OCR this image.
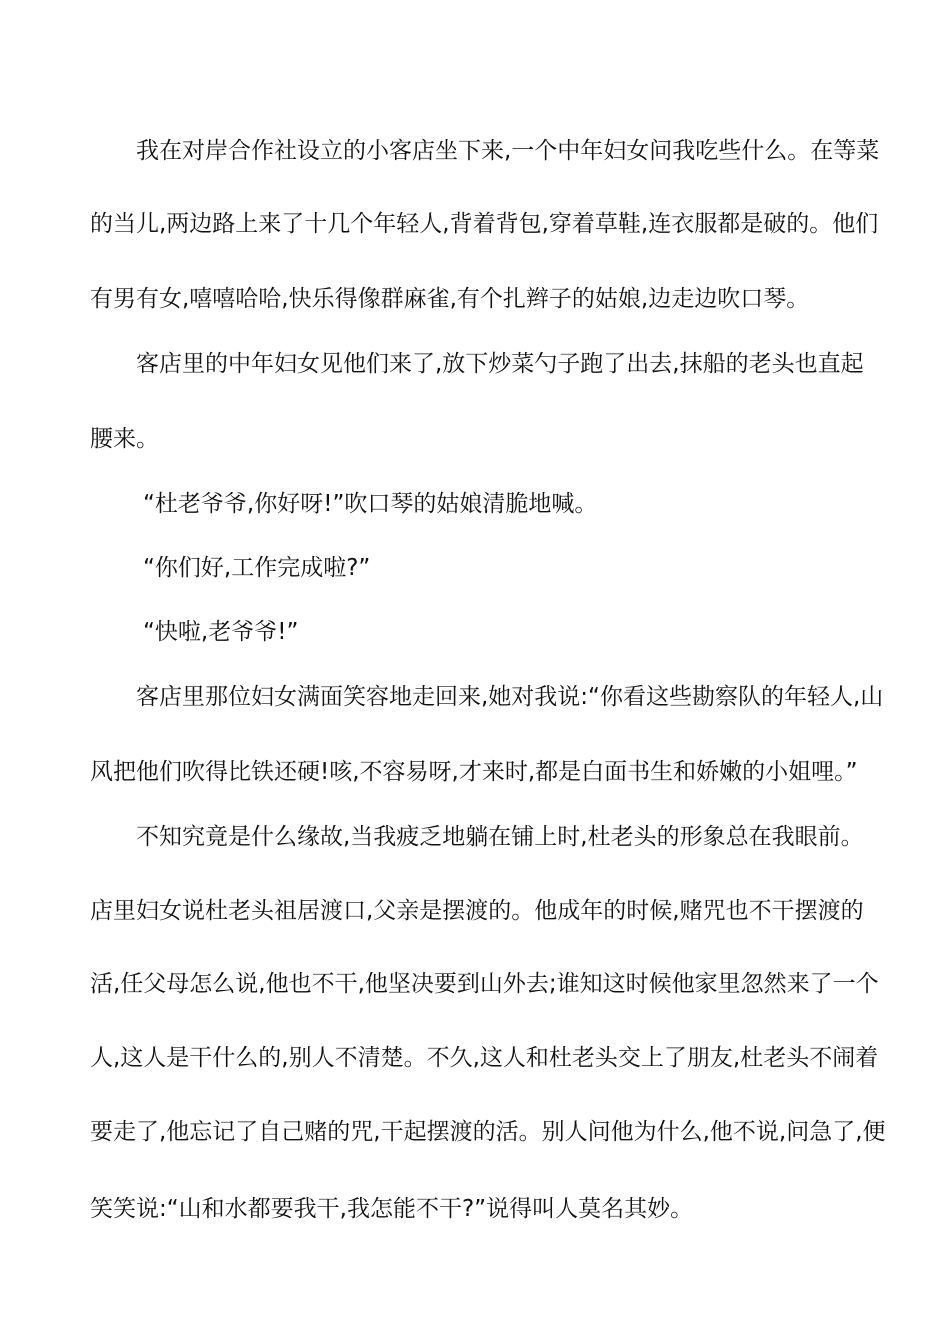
我在对岸合作社设立的小客店坐下来,一个中年妇女问我吃些什么。在等菜
的当儿,两边路上来了十几个年轻人,背着背包,穿着草鞋,连衣服都是破的。他们
有男有女,嘻嘻哈哈,快乐得像群麻雀,有个扎辫子的姑娘,边走边吹口琴。
客店里的中年妇女见他们来了,放下炒菜勺子跑了出去,抹船的老头也直起
腰来。
“杜老爷爷,你好呀!”吹口琴的姑娘清脆地喊。
“你们好,工作完成啦?”
“快啦,老爷爷!”
客店里那位妇女满面笑容地走回来,她对我说:“你看这些勘察队的年轻人,山
风把他们吹得比铁还硬!咳,不容易呀,才来时,都是白面书生和娇嫩的小姐哩。”
不知究竟是什么缘故,当我疲乏地躺在铺上时,杜老头的形象总在我眼前。
店里妇女说杜老头祖居渡口,父亲是摆渡的。他成年的时候,赌咒也不干摆渡的
活,任父母怎么说,他也不干,他坚决要到山外去;谁知这时候他家里忽然来了一个
人,这人是干什么的,别人不清楚。不久,这人和杜老头交上了朋友,杜老头不闹着
要走了,他忘记了自己赌的咒,干起摆渡的活。别人问他为什么,他不说,问急了,便
笑笑说:“山和水都要我干,我怎能不干?”说得叫人莫名其妙。
